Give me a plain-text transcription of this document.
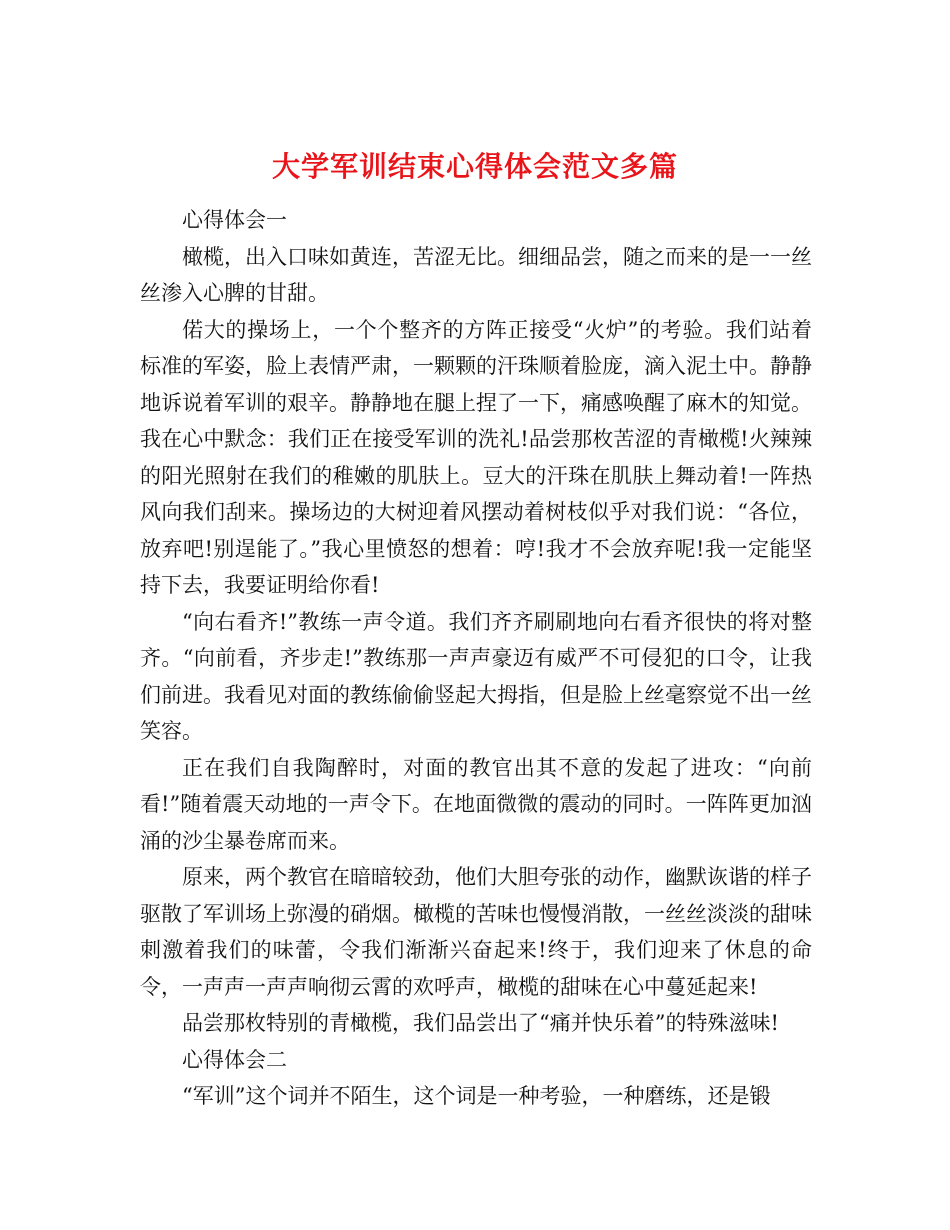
大学军训结束心得体会范文多篇

心得体会一

橄榄，出入口味如黄连，苦涩无比。细细品尝，随之而来的是一一丝丝渗入心脾的甘甜。

偌大的操场上，一个个整齐的方阵正接受“火炉”的考验。我们站着标准的军姿，脸上表情严肃，一颗颗的汗珠顺着脸庞，滴入泥土中。静静地诉说着军训的艰辛。静静地在腿上捏了一下，痛感唤醒了麻木的知觉。我在心中默念：我们正在接受军训的洗礼!品尝那枚苦涩的青橄榄!火辣辣的阳光照射在我们的稚嫩的肌肤上。豆大的汗珠在肌肤上舞动着!一阵热风向我们刮来。操场边的大树迎着风摆动着树枝似乎对我们说：“各位，放弃吧!别逞能了。”我心里愤怒的想着：哼!我才不会放弃呢!我一定能坚持下去，我要证明给你看!

“向右看齐!”教练一声令道。我们齐齐刷刷地向右看齐很快的将对整齐。“向前看，齐步走!”教练那一声声豪迈有威严不可侵犯的口令，让我们前进。我看见对面的教练偷偷竖起大拇指，但是脸上丝毫察觉不出一丝笑容。

正在我们自我陶醉时，对面的教官出其不意的发起了进攻：“向前看!”随着震天动地的一声令下。在地面微微的震动的同时。一阵阵更加汹涌的沙尘暴卷席而来。

原来，两个教官在暗暗较劲，他们大胆夸张的动作，幽默诙谐的样子驱散了军训场上弥漫的硝烟。橄榄的苦味也慢慢消散，一丝丝淡淡的甜味刺激着我们的味蕾，令我们渐渐兴奋起来!终于，我们迎来了休息的命令，一声声一声声响彻云霄的欢呼声，橄榄的甜味在心中蔓延起来!

品尝那枚特别的青橄榄，我们品尝出了“痛并快乐着”的特殊滋味!

心得体会二

“军训”这个词并不陌生，这个词是一种考验，一种磨练，还是锻
